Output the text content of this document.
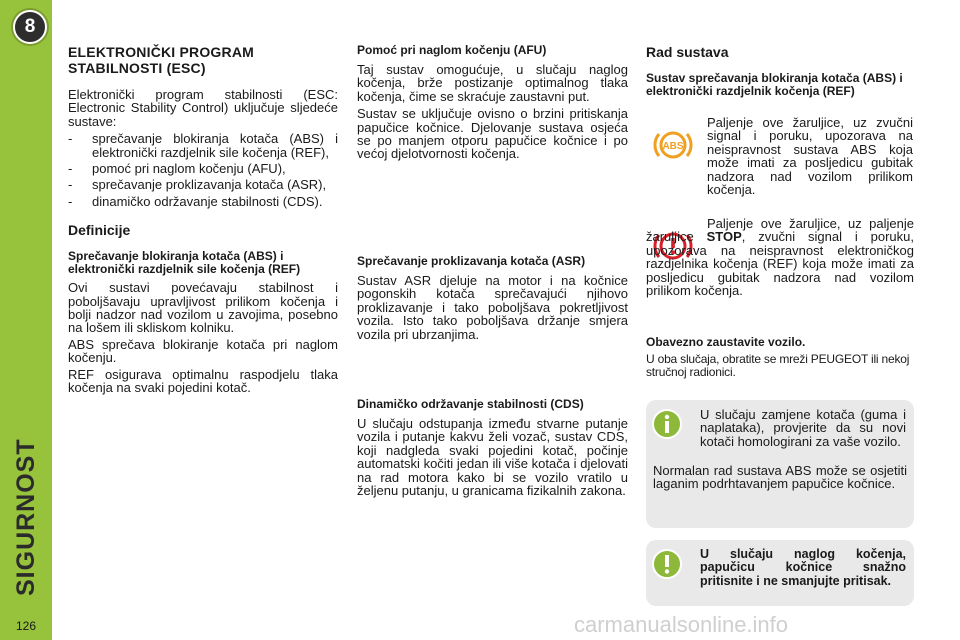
8
SIGURNOST
126
ELEKTRONIČKI PROGRAM STABILNOSTI (ESC)

Elektronički program stabilnosti (ESC: Electronic Stability Control) uključuje sljedeće sustave:

- sprečavanje blokiranja kotača (ABS) i elektronički razdjelnik sile kočenja (REF),
- pomoć pri naglom kočenju (AFU),
- sprečavanje proklizavanja kotača (ASR),
- dinamičko održavanje stabilnosti (CDS).
Definicije
Sprečavanje blokiranja kotača (ABS) i elektronički razdjelnik sile kočenja (REF)

Ovi sustavi povećavaju stabilnost i poboljšavaju upravljivost prilikom kočenja i bolji nadzor nad vozilom u zavojima, posebno na lošem ili skliskom kolniku.

ABS sprečava blokiranje kotača pri naglom kočenju.

REF osigurava optimalnu raspodjelu tlaka kočenja na svaki pojedini kotač.

Pomoć pri naglom kočenju (AFU)

Taj sustav omogućuje, u slučaju naglog kočenja, brže postizanje optimalnog tlaka kočenja, čime se skraćuje zaustavni put.

Sustav se uključuje ovisno o brzini pritiskanja papučice kočnice. Djelovanje sustava osjeća se po manjem otporu papučice kočnice i po većoj djelotvornosti kočenja.

Sprečavanje proklizavanja kotača (ASR)

Sustav ASR djeluje na motor i na kočnice pogonskih kotača sprečavajući njihovo proklizavanje i tako poboljšava pokretljivost vozila. Isto tako poboljšava držanje smjera vozila pri ubrzanjima.

Dinamičko održavanje stabilnosti (CDS)

U slučaju odstupanja između stvarne putanje vozila i putanje kakvu želi vozač, sustav CDS, koji nadgleda svaki pojedini kotač, počinje automatski kočiti jedan ili više kotača i djelovati na rad motora kako bi se vozilo vratilo u željenu putanju, u granicama fizikalnih zakona.

Rad sustava
Sustav sprečavanja blokiranja kotača (ABS) i elektronički razdjelnik kočenja (REF)
ABS

Paljenje ove žaruljice, uz zvučni signal i poruku, upozorava na neispravnost sustava ABS koja može imati za posljedicu gubitak nadzora nad vozilom prilikom kočenja.

Paljenje ove žaruljice, uz paljenje žaruljice STOP, zvučni signal i poruku, upozorava na neispravnost elektroničkog razdjelnika kočenja (REF) koja može imati za posljedicu gubitak nadzora nad vozilom prilikom kočenja.

Obavezno zaustavite vozilo.

U oba slučaja, obratite se mreži PEUGEOT ili nekoj stručnoj radionici.

U slučaju zamjene kotača (guma i naplataka), provjerite da su novi kotači homologirani za vaše vozilo.

Normalan rad sustava ABS može se osjetiti laganim podrhtavanjem papučice kočnice.

U slučaju naglog kočenja, papučicu kočnice snažno pritisnite i ne smanjujte pritisak.

carmanualsonline.info
